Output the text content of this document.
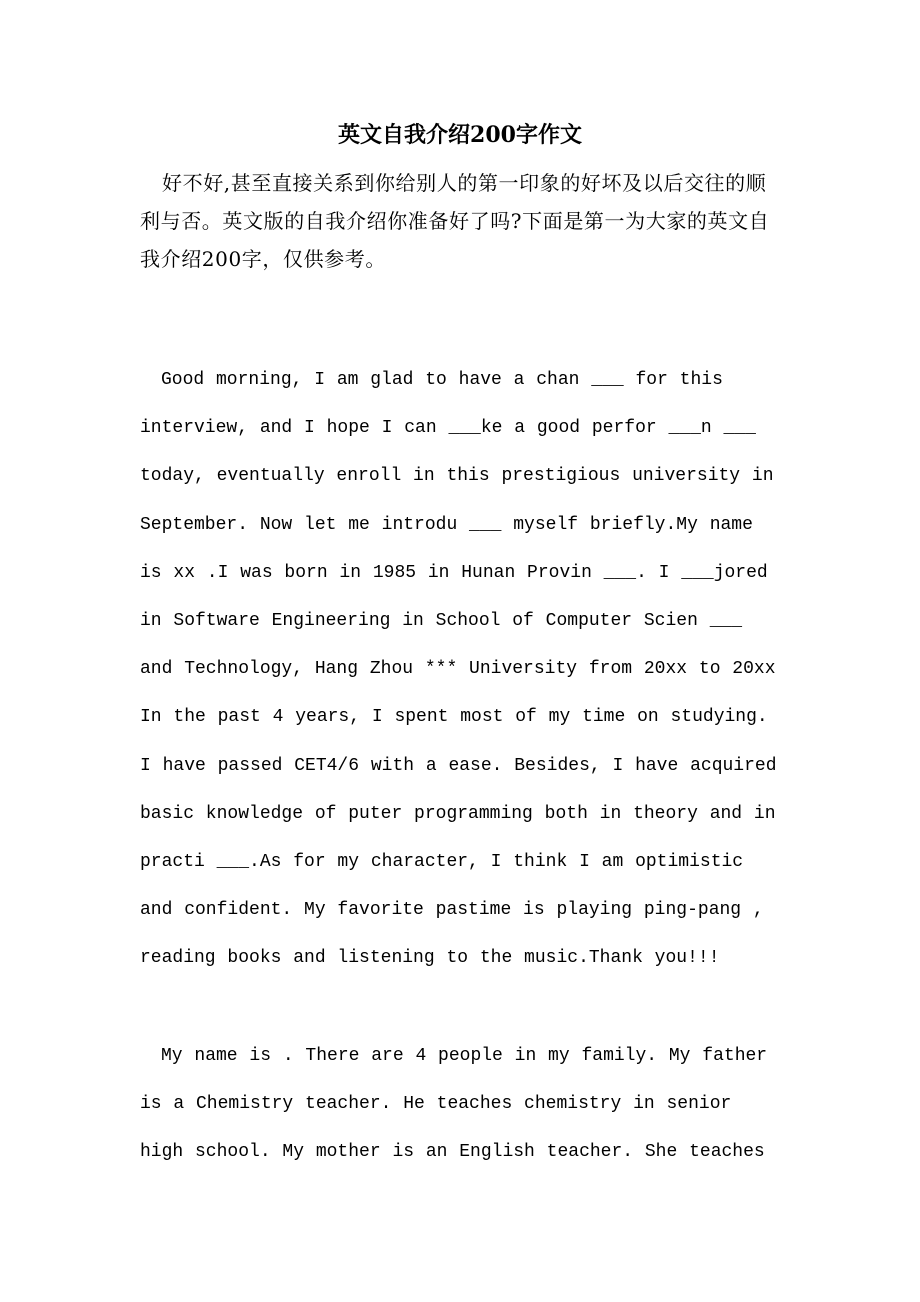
英文自我介绍200字作文

好不好,甚至直接关系到你给别人的第一印象的好坏及以后交往的顺利与否。英文版的自我介绍你准备好了吗?下面是第一为大家的英文自我介绍200字，仅供参考。

Good morning, I am glad to have a chan ___ for this interview, and I hope I can ___ke a good perfor ___n ___ today, eventually enroll in this prestigious university in September. Now let me introdu ___ myself briefly.My name is xx .I was born in 1985 in Hunan Provin ___. I ___jored in Software Engineering in School of Computer Scien ___ and Technology, Hang Zhou *** University from 20xx to 20xx In the past 4 years, I spent most of my time on studying. I have passed CET4/6 with a ease. Besides, I have acquired basic knowledge of puter programming both in theory and in practi ___.As for my character, I think I am optimistic and confident. My favorite pastime is playing ping-pang , reading books and listening to the music.Thank you!!!

My name is . There are 4 people in my family. My father is a Chemistry teacher. He teaches chemistry in senior high school. My mother is an English teacher. She teaches
